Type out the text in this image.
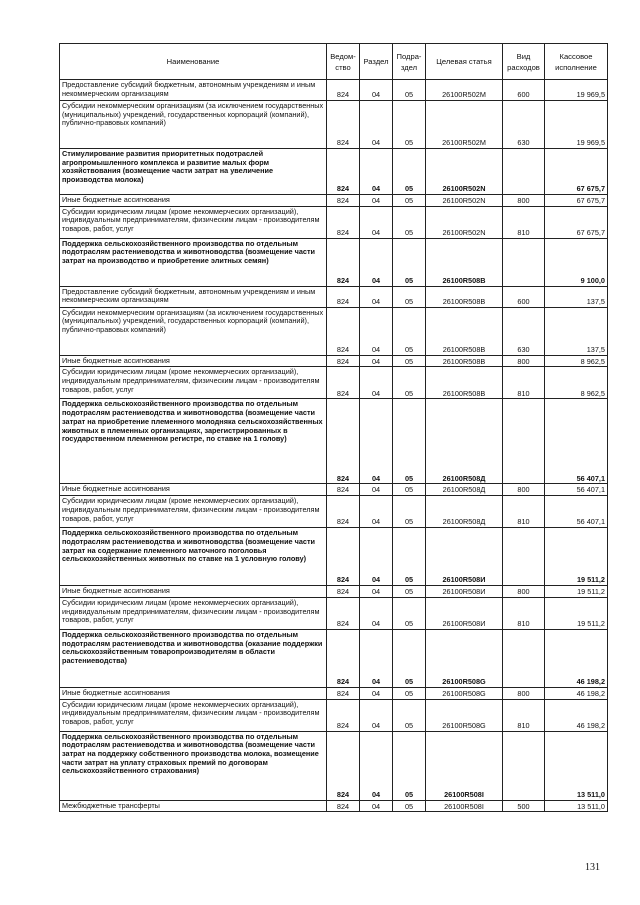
Наименование	Ведом-ство	Раздел	Подра-здел	Целевая статья	Вид расходов	Кассовое исполнение
Предоставление субсидий бюджетным, автономным учреждениям и иным некоммерческим организациям	824	04	05	26100R502M	600	19 969,5
Субсидии некоммерческим организациям (за исключением государственных (муниципальных) учреждений, государственных корпораций (компаний), публично-правовых компаний)	824	04	05	26100R502M	630	19 969,5
Стимулирование развития приоритетных подотраслей агропромышленного комплекса и развитие малых форм хозяйствования (возмещение части затрат на увеличение производства молока)	824	04	05	26100R502N		67 675,7
Иные бюджетные ассигнования	824	04	05	26100R502N	800	67 675,7
Субсидии юридическим лицам (кроме некоммерческих организаций), индивидуальным предпринимателям, физическим лицам - производителям товаров, работ, услуг	824	04	05	26100R502N	810	67 675,7
Поддержка сельскохозяйственного производства по отдельным подотраслям растениеводства и животноводства (возмещение части затрат на производство и приобретение элитных семян)	824	04	05	26100R508В		9 100,0
Предоставление субсидий бюджетным, автономным учреждениям и иным некоммерческим организациям	824	04	05	26100R508В	600	137,5
Субсидии некоммерческим организациям (за исключением государственных (муниципальных) учреждений, государственных корпораций (компаний), публично-правовых компаний)	824	04	05	26100R508В	630	137,5
Иные бюджетные ассигнования	824	04	05	26100R508В	800	8 962,5
Субсидии юридическим лицам (кроме некоммерческих организаций), индивидуальным предпринимателям, физическим лицам - производителям товаров, работ, услуг	824	04	05	26100R508В	810	8 962,5
Поддержка сельскохозяйственного производства по отдельным подотраслям растениеводства и животноводства (возмещение части затрат на приобретение племенного молодняка сельскохозяйственных животных в племенных организациях, зарегистрированных в государственном племенном регистре, по ставке на 1 голову)	824	04	05	26100R508Д		56 407,1
Иные бюджетные ассигнования	824	04	05	26100R508Д	800	56 407,1
Субсидии юридическим лицам (кроме некоммерческих организаций), индивидуальным предпринимателям, физическим лицам - производителям товаров, работ, услуг	824	04	05	26100R508Д	810	56 407,1
Поддержка сельскохозяйственного производства по отдельным подотраслям растениеводства и животноводства (возмещение части затрат на содержание племенного маточного поголовья сельскохозяйственных животных по ставке на 1 условную голову)	824	04	05	26100R508И		19 511,2
Иные бюджетные ассигнования	824	04	05	26100R508И	800	19 511,2
Субсидии юридическим лицам (кроме некоммерческих организаций), индивидуальным предпринимателям, физическим лицам - производителям товаров, работ, услуг	824	04	05	26100R508И	810	19 511,2
Поддержка сельскохозяйственного производства по отдельным подотраслям растениеводства и животноводства (оказание поддержки сельскохозяйственным товаропроизводителям в области растениеводства)	824	04	05	26100R508G		46 198,2
Иные бюджетные ассигнования	824	04	05	26100R508G	800	46 198,2
Субсидии юридическим лицам (кроме некоммерческих организаций), индивидуальным предпринимателям, физическим лицам - производителям товаров, работ, услуг	824	04	05	26100R508G	810	46 198,2
Поддержка сельскохозяйственного производства по отдельным подотраслям растениеводства и животноводства (возмещение части затрат на поддержку собственного производства молока, возмещение части затрат на уплату страховых премий по договорам сельскохозяйственного страхования)	824	04	05	26100R508I		13 511,0
Межбюджетные трансферты	824	04	05	26100R508I	500	13 511,0
131
